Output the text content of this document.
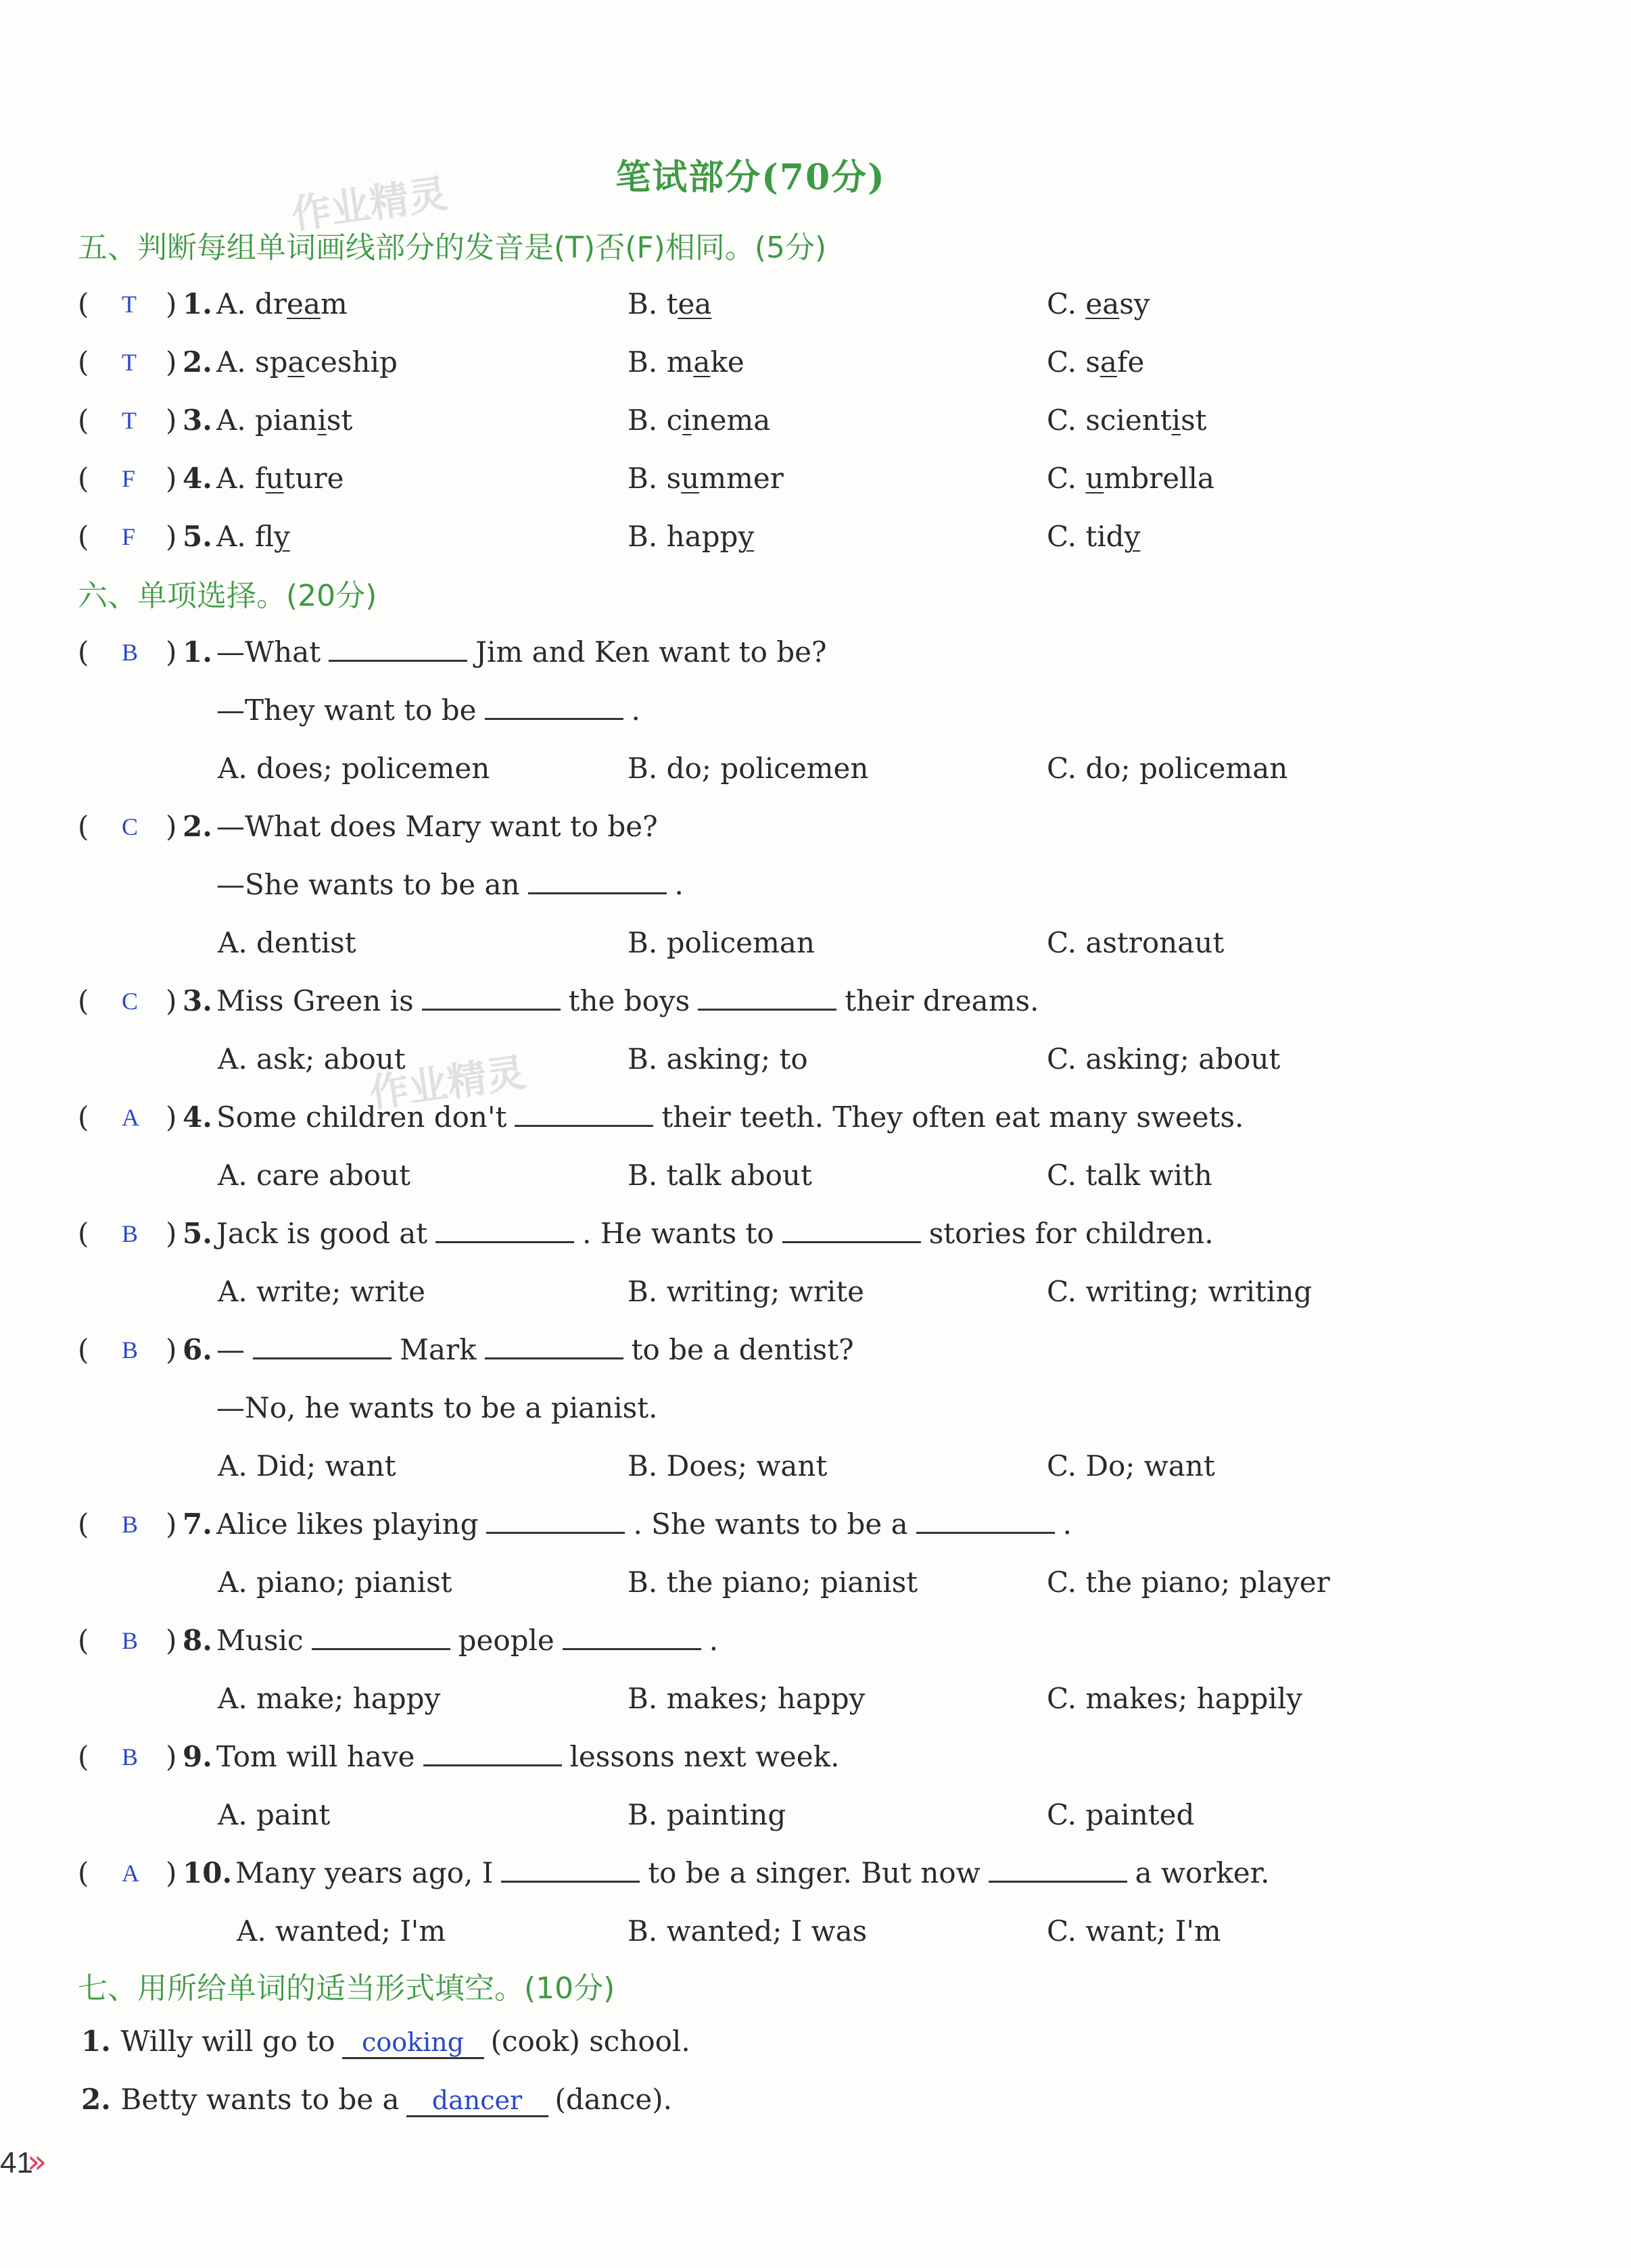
笔试部分(70分)
作业精灵
作业精灵
五、判断每组单词画线部分的发音是(T)否(F)相同。(5分)
六、单项选择。(20分)
七、用所给单词的适当形式填空。(10分)
( T ) 1. A. dream	B. tea	C. easy
( T ) 2. A. spaceship	B. make	C. safe
( T ) 3. A. pianist	B. cinema	C. scientist
( F ) 4. A. future	B. summer	C. umbrella
( F ) 5. A. fly	B. happy	C. tidy
( B ) 1. —What	Jim and Ken want to be?
—They want to be	.
A. does; policemen	B. do; policemen	C. do; policeman
( C ) 2. —What does Mary want to be?
—She wants to be an	.
A. dentist	B. policeman	C. astronaut
( C ) 3. Miss Green is	the boys	their dreams.
A. ask; about	B. asking; to	C. asking; about
( A ) 4. Some children don't	their teeth. They often eat many sweets.
A. care about	B. talk about	C. talk with
( B ) 5. Jack is good at	. He wants to	stories for children.
A. write; write	B. writing; write	C. writing; writing
( B ) 6. —	Mark	to be a dentist?
—No, he wants to be a pianist.
A. Did; want	B. Does; want	C. Do; want
( B ) 7. Alice likes playing	. She wants to be a	.
A. piano; pianist	B. the piano; pianist	C. the piano; player
( B ) 8. Music	people	.
A. make; happy	B. makes; happy	C. makes; happily
( B ) 9. Tom will have	lessons next week.
A. paint	B. painting	C. painted
( A ) 10. Many years ago, I	to be a singer. But now	a worker.
A. wanted; I'm	B. wanted; I was	C. want; I'm
1. Willy will go to cooking (cook) school.
2. Betty wants to be a dancer (dance).
41
»
